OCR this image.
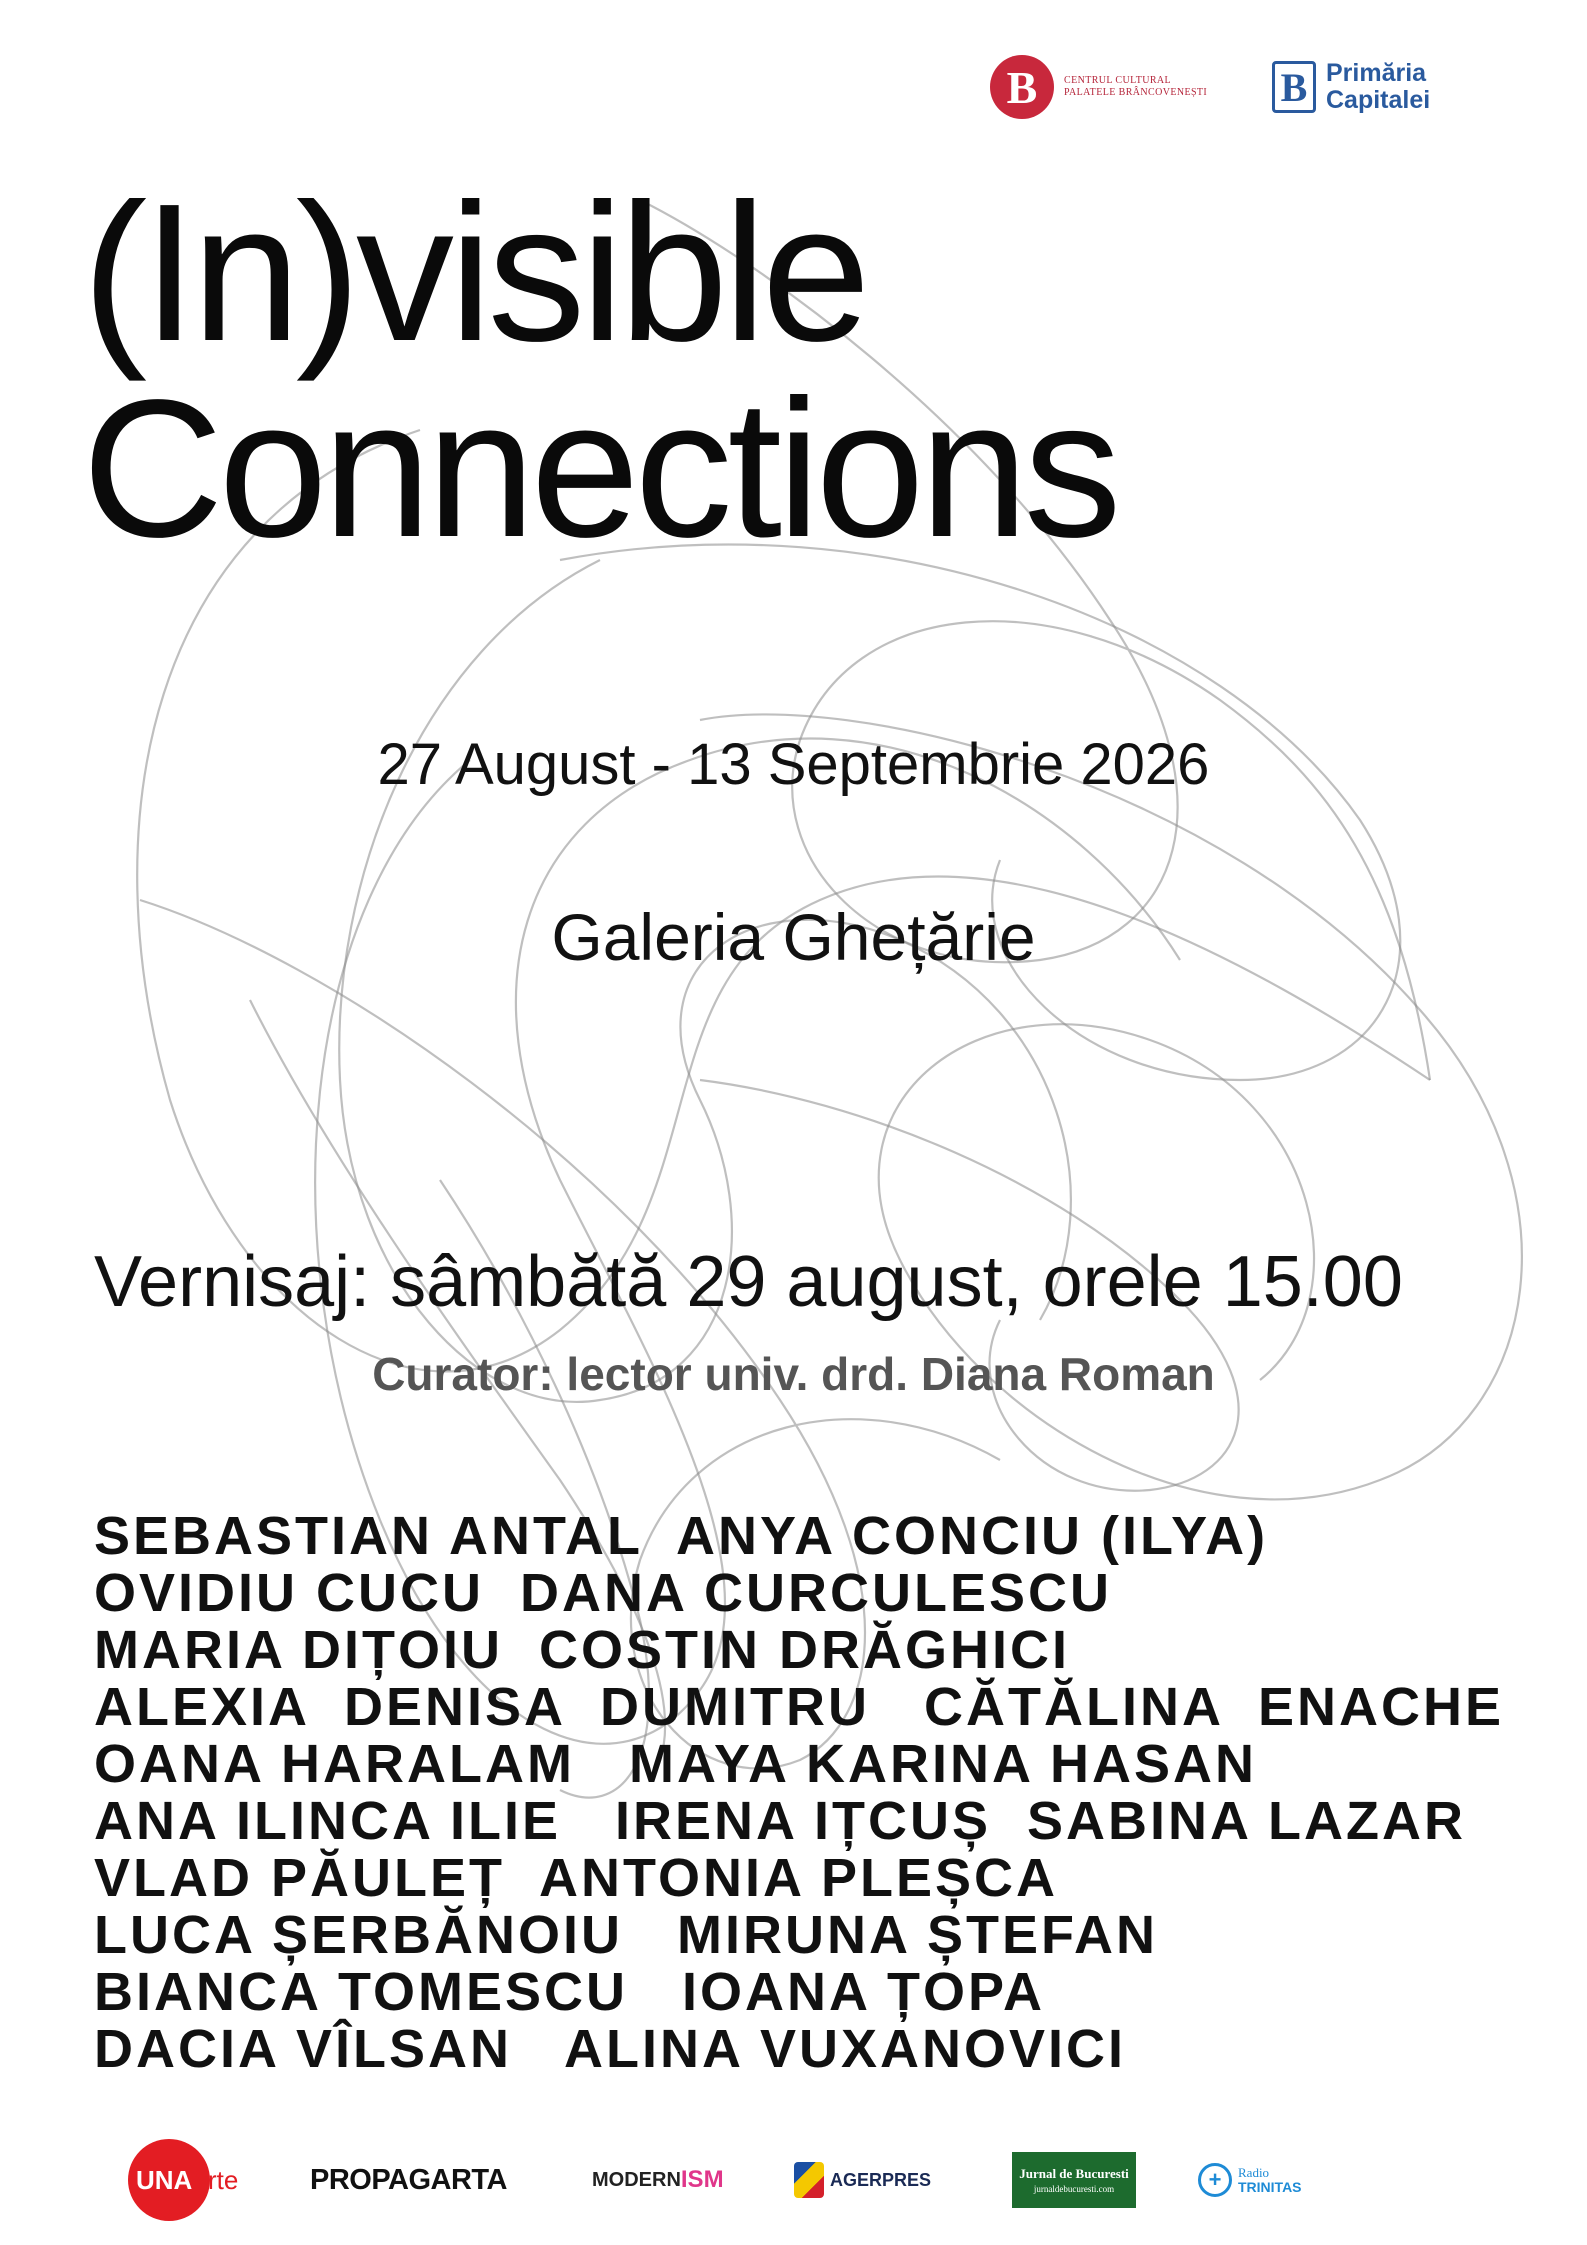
B	CENTRUL CULTURAL
PALATELE BRÂNCOVENEȘTI	B Primăria
Capitalei
(In)visible
Connections
27 August - 13 Septembrie 2026
Galeria Ghețărie
Vernisaj: sâmbătă 29 august, orele 15.00
Curator: lector univ. drd. Diana Roman
SEBASTIAN ANTAL  ANYA CONCIU (ILYA)
OVIDIU CUCU  DANA CURCULESCU
MARIA DIȚOIU  COSTIN DRĂGHICI
ALEXIA  DENISA  DUMITRU   CĂTĂLINA  ENACHE
OANA HARALAM   MAYA KARINA HASAN
ANA ILINCA ILIE   IRENA IȚCUȘ  SABINA LAZAR
VLAD PĂULEȚ  ANTONIA PLEȘCA
LUCA ȘERBĂNOIU   MIRUNA ȘTEFAN
BIANCA TOMESCU   IOANA ȚOPA
DACIA VÎLSAN   ALINA VUXANOVICI
UNA rte PROPAGARTA	MODERN ISM	AGERPRES	Jurnal de Bucuresti
jurnaldebucuresti.com	+	Radio
TRINITAS
